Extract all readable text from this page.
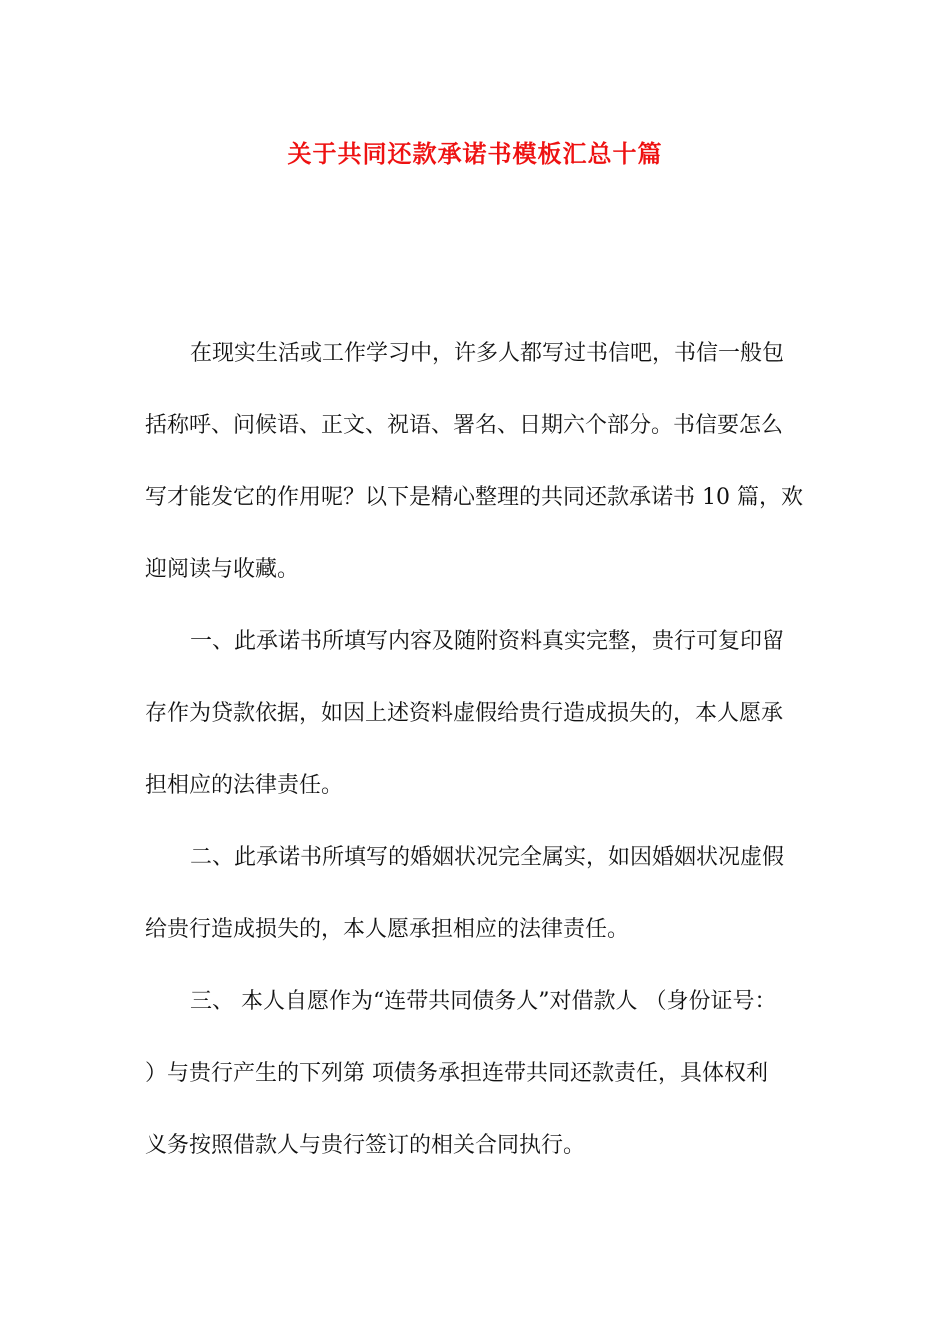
关于共同还款承诺书模板汇总十篇
在现实生活或工作学习中，许多人都写过书信吧，书信一般包
括称呼、问候语、正文、祝语、署名、日期六个部分。书信要怎么
写才能发它的作用呢？以下是精心整理的共同还款承诺书 10 篇，欢
迎阅读与收藏。
一、此承诺书所填写内容及随附资料真实完整，贵行可复印留
存作为贷款依据，如因上述资料虚假给贵行造成损失的，本人愿承
担相应的法律责任。
二、此承诺书所填写的婚姻状况完全属实，如因婚姻状况虚假
给贵行造成损失的，本人愿承担相应的法律责任。
三、 本人自愿作为“连带共同债务人”对借款人 （身份证号：
）与贵行产生的下列第 项债务承担连带共同还款责任，具体权利
义务按照借款人与贵行签订的相关合同执行。
